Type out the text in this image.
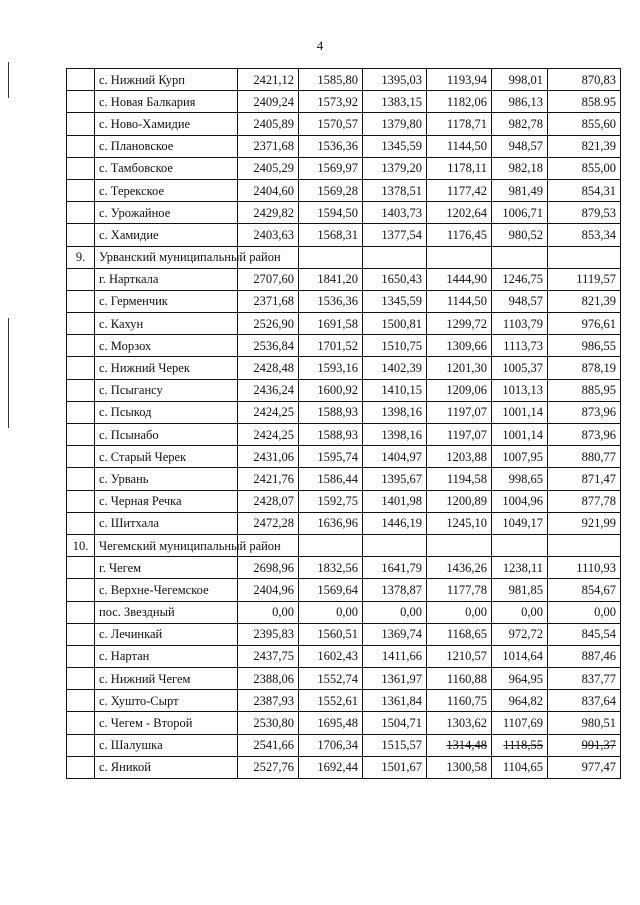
4
	с. Нижний Курп	2421,12	1585,80	1395,03	1193,94	998,01	870,83
	с. Новая Балкария	2409,24	1573,92	1383,15	1182,06	986,13	858.95
	с. Ново-Хамидие	2405,89	1570,57	1379,80	1178,71	982,78	855,60
	с. Плановское	2371,68	1536,36	1345,59	1144,50	948,57	821,39
	с. Тамбовское	2405,29	1569,97	1379,20	1178,11	982,18	855,00
	с. Терекское	2404,60	1569,28	1378,51	1177,42	981,49	854,31
	с. Урожайное	2429,82	1594,50	1403,73	1202,64	1006,71	879,53
	с. Хамидие	2403,63	1568,31	1377,54	1176,45	980,52	853,34
9.	Урванский муниципальный район						
	г. Нарткала	2707,60	1841,20	1650,43	1444,90	1246,75	1119,57
	с. Герменчик	2371,68	1536,36	1345,59	1144,50	948,57	821,39
	с. Кахун	2526,90	1691,58	1500,81	1299,72	1103,79	976,61
	с. Морзох	2536,84	1701,52	1510,75	1309,66	1113,73	986,55
	с. Нижний Черек	2428,48	1593,16	1402,39	1201,30	1005,37	878,19
	с. Псыгансу	2436,24	1600,92	1410,15	1209,06	1013,13	885,95
	с. Псыкод	2424,25	1588,93	1398,16	1197,07	1001,14	873,96
	с. Псынабо	2424,25	1588,93	1398,16	1197,07	1001,14	873,96
	с. Старый Черек	2431,06	1595,74	1404,97	1203,88	1007,95	880,77
	с. Урвань	2421,76	1586,44	1395,67	1194,58	998,65	871,47
	с. Черная Речка	2428,07	1592,75	1401,98	1200,89	1004,96	877,78
	с. Шитхала	2472,28	1636,96	1446,19	1245,10	1049,17	921,99
10.	Чегемский муниципальный район						
	г. Чегем	2698,96	1832,56	1641,79	1436,26	1238,11	1110,93
	с. Верхне-Чегемское	2404,96	1569,64	1378,87	1177,78	981,85	854,67
	пос. Звездный	0,00	0,00	0,00	0,00	0,00	0,00
	с. Лечинкай	2395,83	1560,51	1369,74	1168,65	972,72	845,54
	с. Нартан	2437,75	1602,43	1411,66	1210,57	1014,64	887,46
	с. Нижний Чегем	2388,06	1552,74	1361,97	1160,88	964,95	837,77
	с. Хушто-Сырт	2387,93	1552,61	1361,84	1160,75	964,82	837,64
	с. Чегем - Второй	2530,80	1695,48	1504,71	1303,62	1107,69	980,51
	с. Шалушка	2541,66	1706,34	1515,57	1314,48	1118,55	991,37
	с. Яникой	2527,76	1692,44	1501,67	1300,58	1104,65	977,47
